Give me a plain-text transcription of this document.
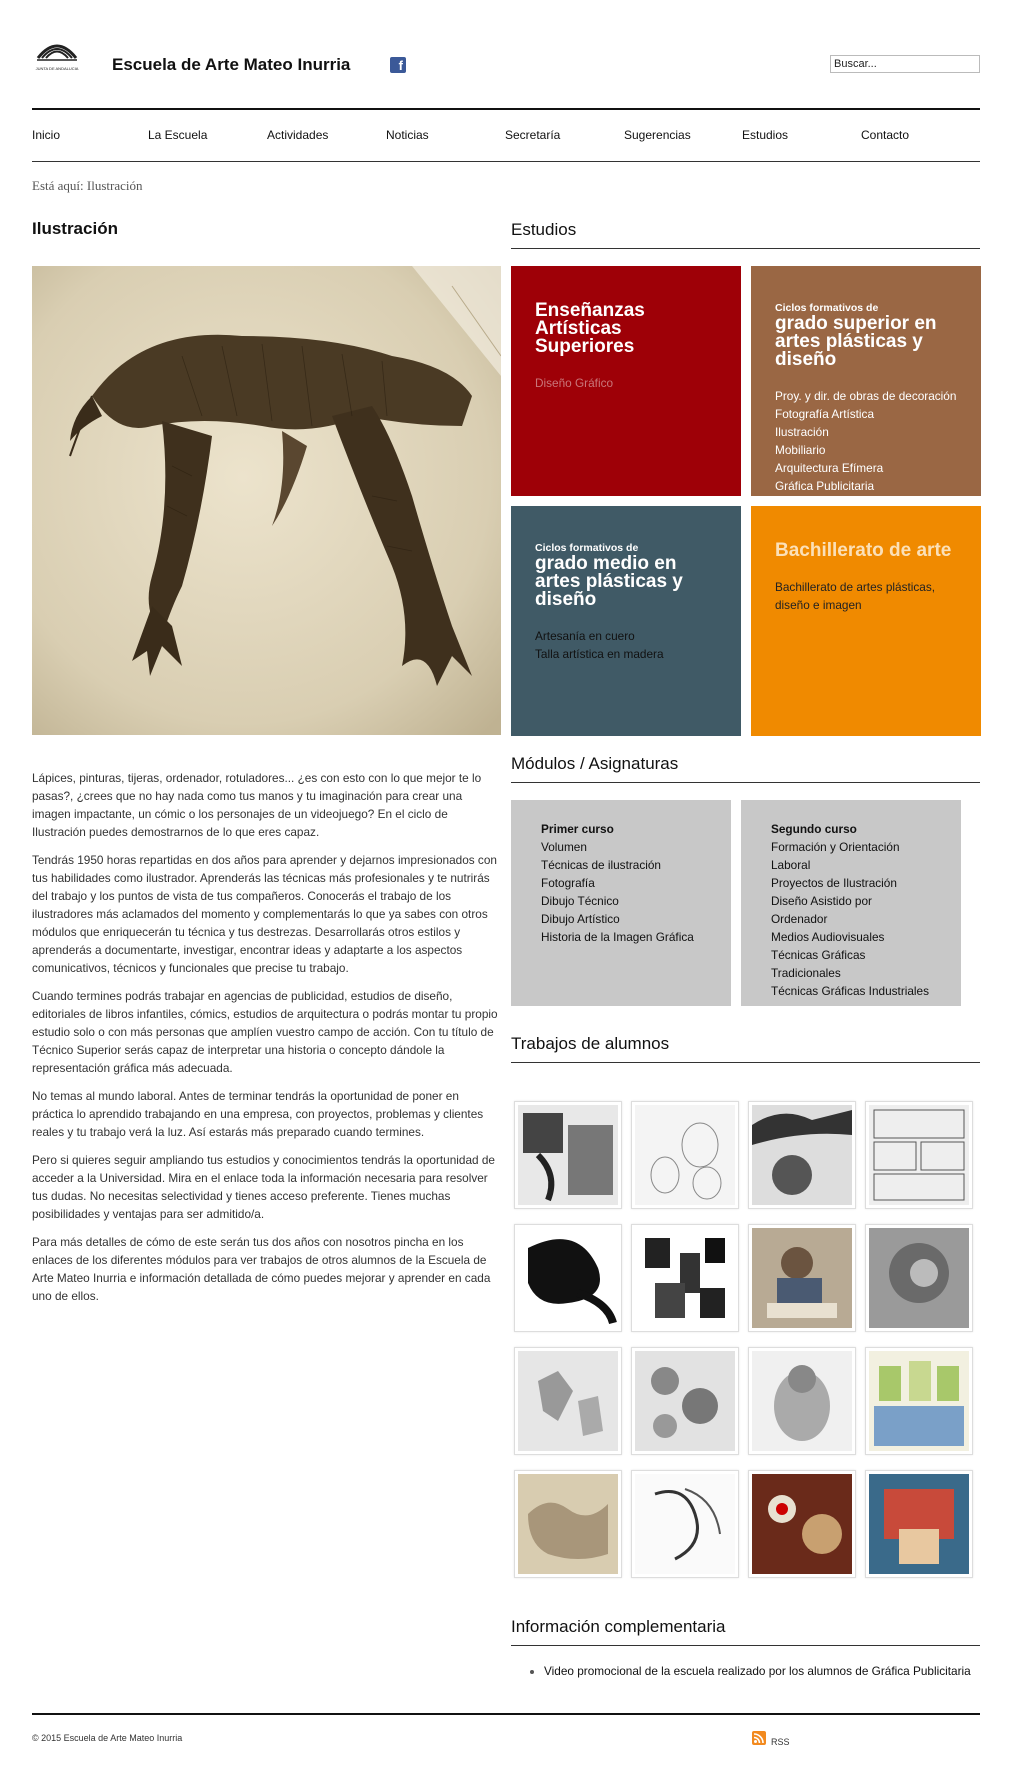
JUNTA DE ANDALUCIA Escuela de Arte Mateo Inurria	f
Buscar...
Inicio	La Escuela	Actividades	Noticias	Secretaría	Sugerencias	Estudios	Contacto
Está aquí: Ilustración
Ilustración

Lápices, pinturas, tijeras, ordenador, rotuladores... ¿es con esto con lo que mejor te lo pasas?, ¿crees que no hay nada como tus manos y tu imaginación para crear una imagen impactante, un cómic o los personajes de un videojuego? En el ciclo de Ilustración puedes demostrarnos de lo que eres capaz.

Tendrás 1950 horas repartidas en dos años para aprender y dejarnos impresionados con tus habilidades como ilustrador. Aprenderás las técnicas más profesionales y te nutrirás del trabajo y los puntos de vista de tus compañeros. Conocerás el trabajo de los ilustradores más aclamados del momento y complementarás lo que ya sabes con otros módulos que enriquecerán tu técnica y tus destrezas. Desarrollarás otros estilos y aprenderás a documentarte, investigar, encontrar ideas y adaptarte a los aspectos comunicativos, técnicos y funcionales que precise tu trabajo.

Cuando termines podrás trabajar en agencias de publicidad, estudios de diseño, editoriales de libros infantiles, cómics, estudios de arquitectura o podrás montar tu propio estudio solo o con más personas que amplíen vuestro campo de acción. Con tu título de Técnico Superior serás capaz de interpretar una historia o concepto dándole la representación gráfica más adecuada.

No temas al mundo laboral. Antes de terminar tendrás la oportunidad de poner en práctica lo aprendido trabajando en una empresa, con proyectos, problemas y clientes reales y tu trabajo verá la luz. Así estarás más preparado cuando termines.

Pero si quieres seguir ampliando tus estudios y conocimientos tendrás la oportunidad de acceder a la Universidad. Mira en el enlace toda la información necesaria para resolver tus dudas. No necesitas selectividad y tienes acceso preferente. Tienes muchas posibilidades y ventajas para ser admitido/a.

Para más detalles de cómo de este serán tus dos años con nosotros pincha en los enlaces de los diferentes módulos para ver trabajos de otros alumnos de la Escuela de Arte Mateo Inurria e información detallada de cómo puedes mejorar y aprender en cada uno de ellos.

Estudios
Enseñanzas Artísticas Superiores
Diseño Gráfico
Ciclos formativos de
grado superior en artes plásticas y diseño
Proy. y dir. de obras de decoración
Fotografía Artística
Ilustración
Mobiliario
Arquitectura Efímera
Gráfica Publicitaria
Ciclos formativos de
grado medio en artes plásticas y diseño
Artesanía en cuero
Talla artística en madera
Bachillerato de arte
Bachillerato de artes plásticas, diseño e imagen
Módulos / Asignaturas
Primer curso
Volumen
Técnicas de ilustración
Fotografía
Dibujo Técnico
Dibujo Artístico
Historia de la Imagen Gráfica
Segundo curso
Formación y Orientación
Laboral
Proyectos de Ilustración
Diseño Asistido por Ordenador
Medios Audiovisuales
Técnicas Gráficas Tradicionales
Técnicas Gráficas Industriales
Trabajos de alumnos
Información complementaria
Video promocional de la escuela realizado por los alumnos de Gráfica Publicitaria
© 2015 Escuela de Arte Mateo Inurria	RSS
